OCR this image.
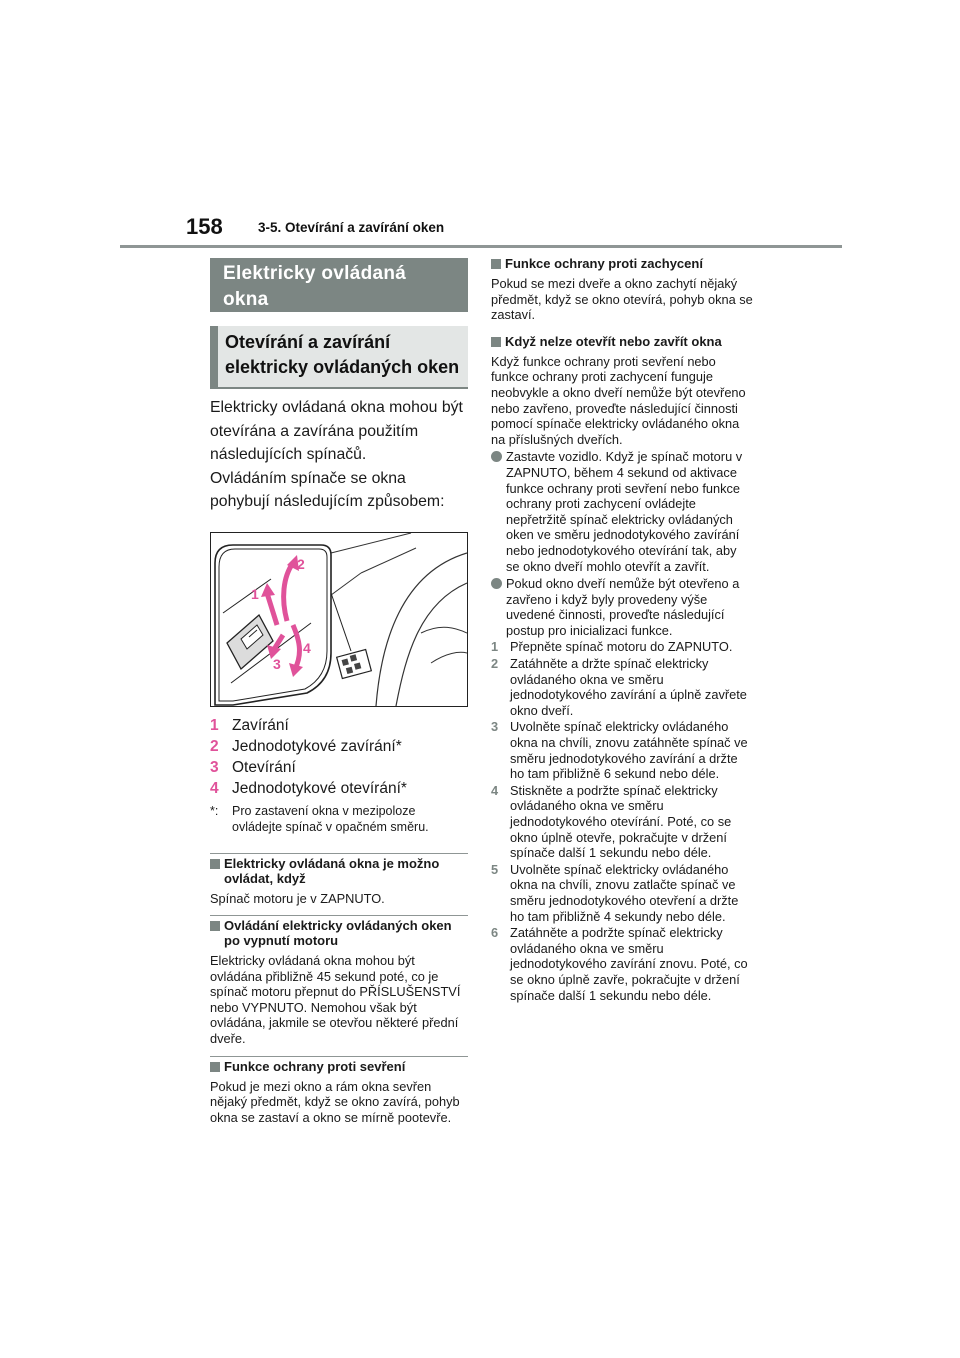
158	3-5. Otevírání a zavírání oken
Elektricky ovládaná okna
Otevírání a zavírání elektricky ovládaných oken

Elektricky ovládaná okna mohou být otevírána a zavírána použitím následujících spínačů.

Ovládáním spínače se okna pohybují následujícím způsobem:

1
2
3
4
1 Zavírání
2 Jednodotykové zavírání*
3 Otevírání
4 Jednodotykové otevírání*
*:	Pro zastavení okna v mezipoloze ovládejte spínač v opačném směru.
Elektricky ovládaná okna je možno ovládat, když
Spínač motoru je v ZAPNUTO.
Ovládání elektricky ovládaných oken po vypnutí motoru
Elektricky ovládaná okna mohou být ovládána přibližně 45 sekund poté, co je spínač motoru přepnut do PŘÍSLUŠENSTVÍ nebo VYPNUTO. Nemohou však být ovládána, jakmile se otevřou některé přední dveře.
Funkce ochrany proti sevření
Pokud je mezi okno a rám okna sevřen nějaký předmět, když se okno zavírá, pohyb okna se zastaví a okno se mírně pootevře.
Funkce ochrany proti zachycení
Pokud se mezi dveře a okno zachytí nějaký předmět, když se okno otevírá, pohyb okna se zastaví.
Když nelze otevřít nebo zavřít okna
Když funkce ochrany proti sevření nebo funkce ochrany proti zachycení funguje neobvykle a okno dveří nemůže být otevřeno nebo zavřeno, proveďte následující činnosti pomocí spínače elektricky ovládaného okna na příslušných dveřích.
Zastavte vozidlo. Když je spínač motoru v ZAPNUTO, během 4 sekund od aktivace funkce ochrany proti sevření nebo funkce ochrany proti zachycení ovládejte nepřetržitě spínač elektricky ovládaných oken ve směru jednodotykového zavírání nebo jednodotykového otevírání tak, aby se okno dveří mohlo otevřít a zavřít.
Pokud okno dveří nemůže být otevřeno a zavřeno i když byly provedeny výše uvedené činnosti, proveďte následující postup pro inicializaci funkce.
1 Přepněte spínač motoru do ZAPNUTO.
2 Zatáhněte a držte spínač elektricky ovládaného okna ve směru jednodotykového zavírání a úplně zavřete okno dveří.
3 Uvolněte spínač elektricky ovládaného okna na chvíli, znovu zatáhněte spínač ve směru jednodotykového zavírání a držte ho tam přibližně 6 sekund nebo déle.
4 Stiskněte a podržte spínač elektricky ovládaného okna ve směru jednodotykového otevírání. Poté, co se okno úplně otevře, pokračujte v držení spínače další 1 sekundu nebo déle.
5 Uvolněte spínač elektricky ovládaného okna na chvíli, znovu zatlačte spínač ve směru jednodotykového otevření a držte ho tam přibližně 4 sekundy nebo déle.
6 Zatáhněte a podržte spínač elektricky ovládaného okna ve směru jednodotykového zavírání znovu. Poté, co se okno úplně zavře, pokračujte v držení spínače další 1 sekundu nebo déle.
